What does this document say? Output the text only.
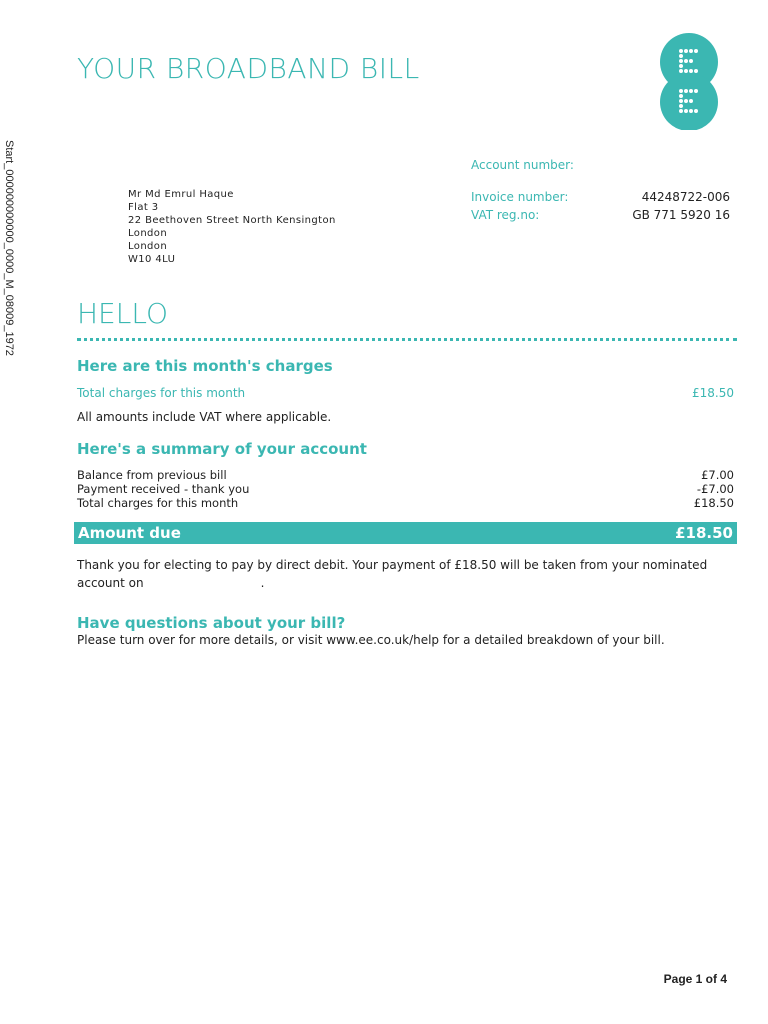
YOUR BROADBAND BILL
Start_000000000000_0000_M_08009_1972	Mr Md Emrul Haque
Flat 3
22 Beethoven Street North Kensington
London
London
W10 4LU
Account number:
Invoice number:	44248722-006
VAT reg.no:	GB 771 5920 16
HELLO
Here are this month's charges
Total charges for this month	£18.50
All amounts include VAT where applicable.
Here's a summary of your account
Balance from previous bill	£7.00
Payment received - thank you	-£7.00
Total charges for this month	£18.50
Amount due	£18.50
Thank you for electing to pay by direct debit. Your payment of £18.50 will be taken from your nominated
account on	.
Have questions about your bill?
Please turn over for more details, or visit www.ee.co.uk/help for a detailed breakdown of your bill.
Page 1 of 4
